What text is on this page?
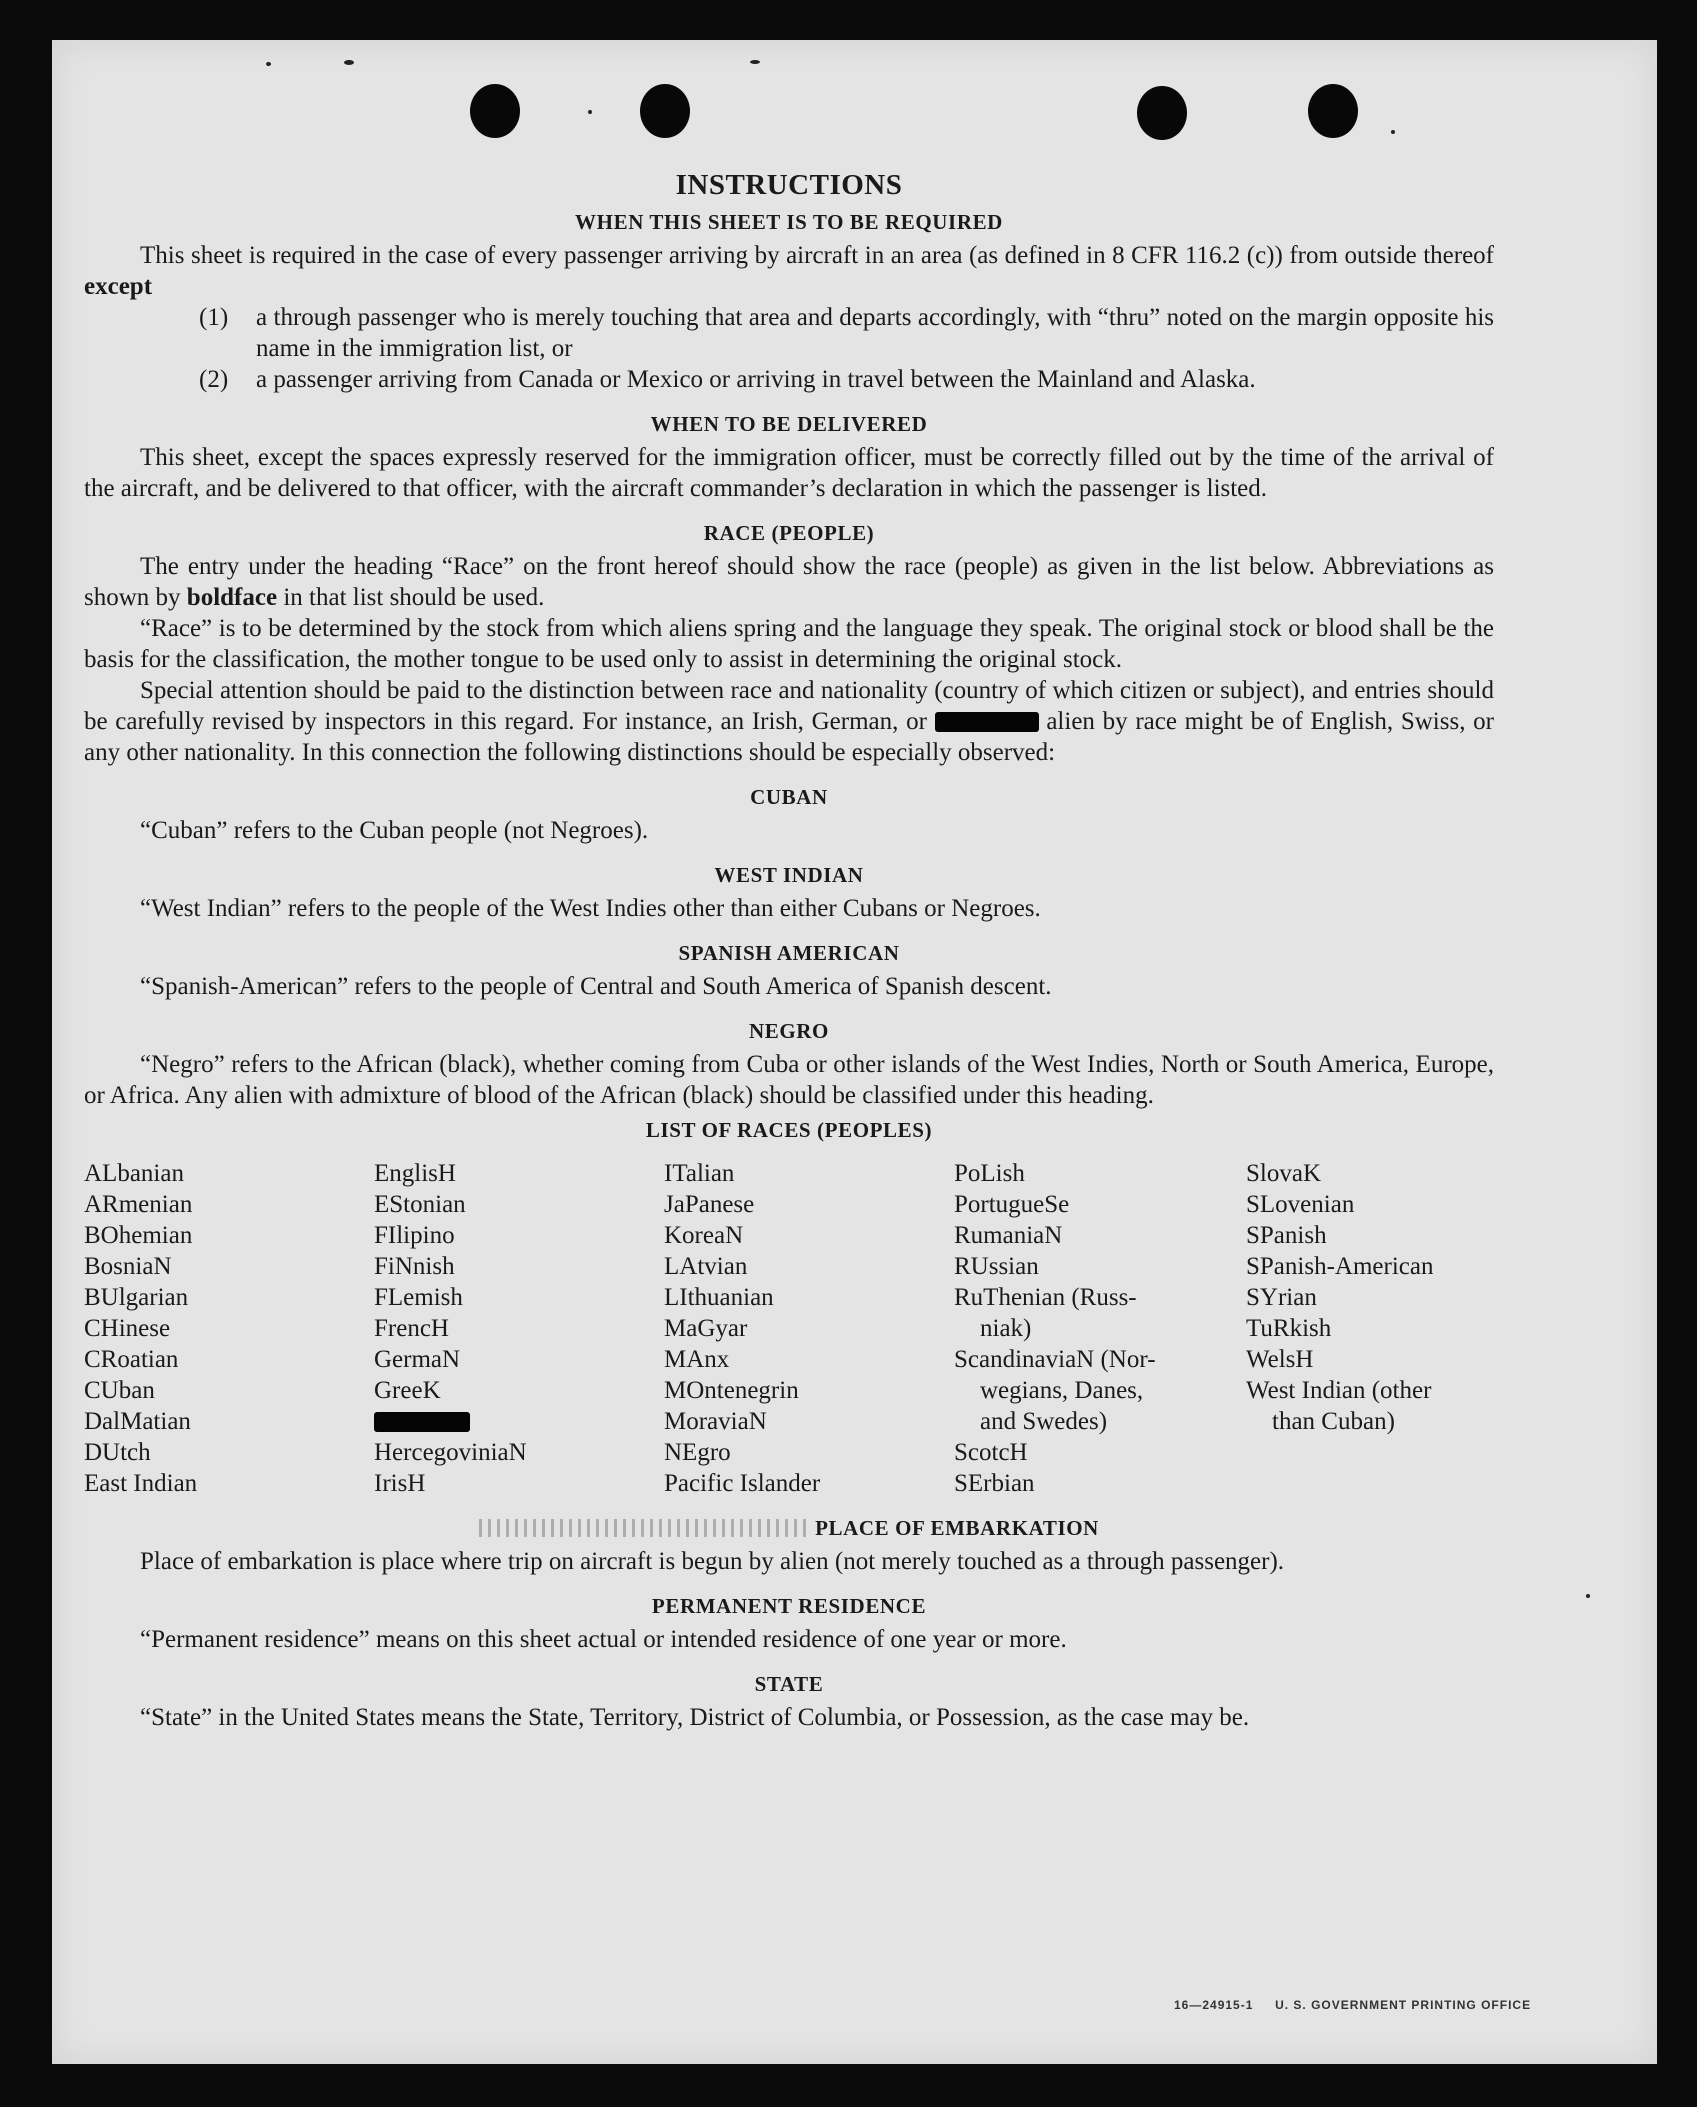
16—24915-1 U. S. GOVERNMENT PRINTING OFFICE
INSTRUCTIONS
WHEN THIS SHEET IS TO BE REQUIRED

This sheet is required in the case of every passenger arriving by aircraft in an area (as defined in 8 CFR 116.2 (c)) from outside thereof except

(1)	a through passenger who is merely touching that area and departs accordingly, with “thru” noted on the margin opposite his name in the immigration list, or
(2)	a passenger arriving from Canada or Mexico or arriving in travel between the Mainland and Alaska.
WHEN TO BE DELIVERED

This sheet, except the spaces expressly reserved for the immigration officer, must be correctly filled out by the time of the arrival of the aircraft, and be delivered to that officer, with the aircraft commander’s declaration in which the passenger is listed.

RACE (PEOPLE)

The entry under the heading “Race” on the front hereof should show the race (people) as given in the list below. Abbreviations as shown by boldface in that list should be used.

“Race” is to be determined by the stock from which aliens spring and the language they speak. The original stock or blood shall be the basis for the classification, the mother tongue to be used only to assist in determining the original stock.

Special attention should be paid to the distinction between race and nationality (country of which citizen or subject), and entries should be carefully revised by inspectors in this regard. For instance, an Irish, German, or	alien by race might be of English, Swiss, or any other nationality. In this connection the following distinctions should be especially observed:

CUBAN

“Cuban” refers to the Cuban people (not Negroes).

WEST INDIAN

“West Indian” refers to the people of the West Indies other than either Cubans or Negroes.

SPANISH AMERICAN

“Spanish-American” refers to the people of Central and South America of Spanish descent.

NEGRO

“Negro” refers to the African (black), whether coming from Cuba or other islands of the West Indies, North or South America, Europe, or Africa. Any alien with admixture of blood of the African (black) should be classified under this heading.

LIST OF RACES (PEOPLES)
ALbanian
ARmenian
BOhemian
BosniaN
BUlgarian
CHinese
CRoatian
CUban
DalMatian
DUtch
East Indian
EnglisH
EStonian
FIlipino
FiNnish
FLemish
FrencH
GermaN
GreeK
HercegoviniaN
IrisH
ITalian
JaPanese
KoreaN
LAtvian
LIthuanian
MaGyar
MAnx
MOntenegrin
MoraviaN
NEgro
Pacific Islander
PoLish
PortugueSe
RumaniaN
RUssian
RuThenian (Russ-
niak)
ScandinaviaN (Nor-
wegians, Danes,
and Swedes)
ScotcH
SErbian
SlovaK
SLovenian
SPanish
SPanish-American
SYrian
TuRkish
WelsH
West Indian (other
than Cuban)
PLACE OF EMBARKATION

Place of embarkation is place where trip on aircraft is begun by alien (not merely touched as a through passenger).

PERMANENT RESIDENCE

“Permanent residence” means on this sheet actual or intended residence of one year or more.

STATE

“State” in the United States means the State, Territory, District of Columbia, or Possession, as the case may be.
